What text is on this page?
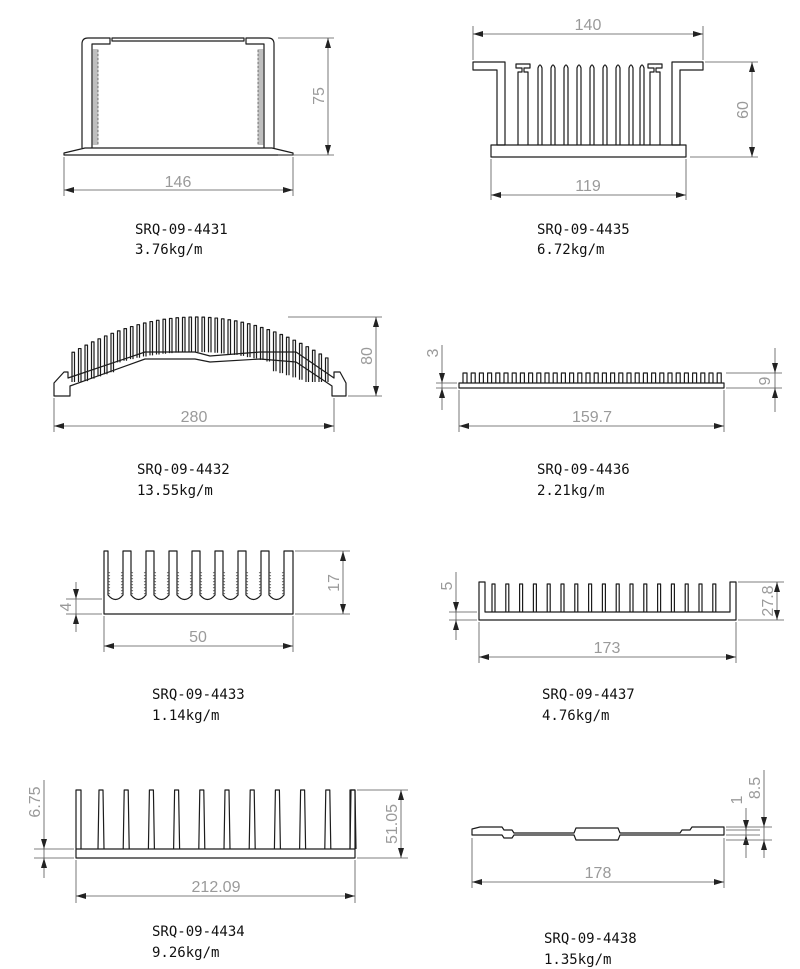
146
75
SRQ-09-4431
3.76kg/m
140
119
60
SRQ-09-4435
6.72kg/m
280
80
SRQ-09-4432
13.55kg/m
159.7
3
9
SRQ-09-4436
2.21kg/m
50
17
4
SRQ-09-4433
1.14kg/m
173
5	27.8
SRQ-09-4437
4.76kg/m
212.09
6.75
51.05
SRQ-09-4434
9.26kg/m
178
1
8.5
SRQ-09-4438
1.35kg/m
